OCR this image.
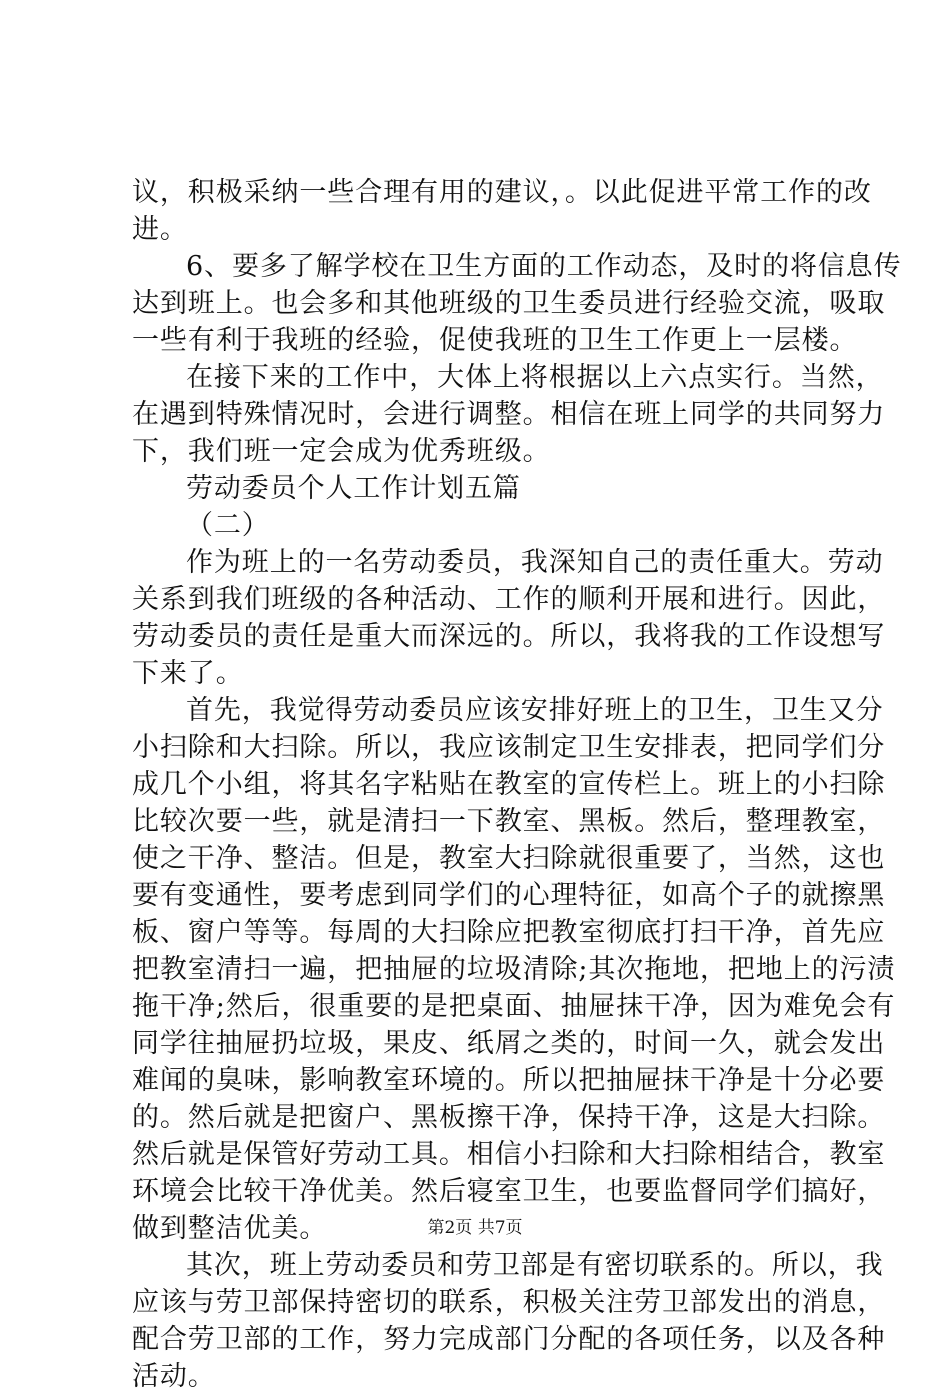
议，积极采纳一些合理有用的建议，。以此促进平常工作的改
进。
6、要多了解学校在卫生方面的工作动态，及时的将信息传
达到班上。也会多和其他班级的卫生委员进行经验交流，吸取
一些有利于我班的经验，促使我班的卫生工作更上一层楼。
在接下来的工作中，大体上将根据以上六点实行。当然，
在遇到特殊情况时，会进行调整。相信在班上同学的共同努力
下，我们班一定会成为优秀班级。
劳动委员个人工作计划五篇
（二）
作为班上的一名劳动委员，我深知自己的责任重大。劳动
关系到我们班级的各种活动、工作的顺利开展和进行。因此，
劳动委员的责任是重大而深远的。所以，我将我的工作设想写
下来了。
首先，我觉得劳动委员应该安排好班上的卫生，卫生又分
小扫除和大扫除。所以，我应该制定卫生安排表，把同学们分
成几个小组，将其名字粘贴在教室的宣传栏上。班上的小扫除
比较次要一些，就是清扫一下教室、黑板。然后，整理教室，
使之干净、整洁。但是，教室大扫除就很重要了，当然，这也
要有变通性，要考虑到同学们的心理特征，如高个子的就擦黑
板、窗户等等。每周的大扫除应把教室彻底打扫干净，首先应
把教室清扫一遍，把抽屉的垃圾清除;其次拖地，把地上的污渍
拖干净;然后，很重要的是把桌面、抽屉抹干净，因为难免会有
同学往抽屉扔垃圾，果皮、纸屑之类的，时间一久，就会发出
难闻的臭味，影响教室环境的。所以把抽屉抹干净是十分必要
的。然后就是把窗户、黑板擦干净，保持干净，这是大扫除。
然后就是保管好劳动工具。相信小扫除和大扫除相结合，教室
环境会比较干净优美。然后寝室卫生，也要监督同学们搞好，
做到整洁优美。
其次，班上劳动委员和劳卫部是有密切联系的。所以，我
应该与劳卫部保持密切的联系，积极关注劳卫部发出的消息，
配合劳卫部的工作，努力完成部门分配的各项任务，以及各种
活动。
第2页 共7页
